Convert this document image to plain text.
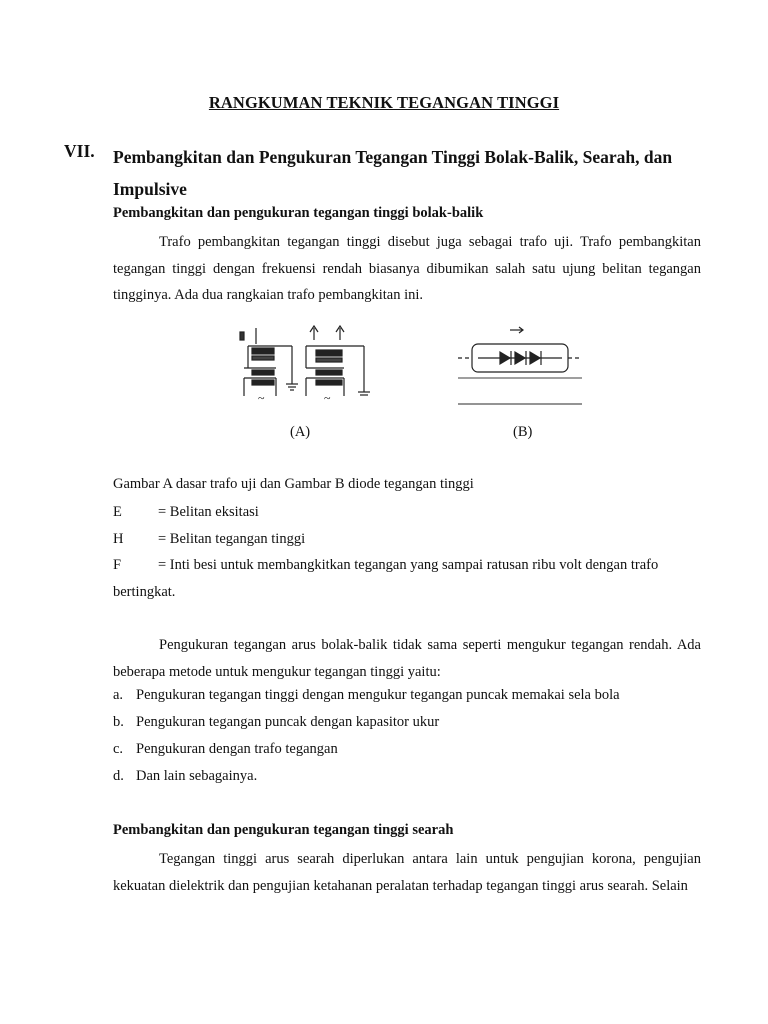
RANGKUMAN TEKNIK TEGANGAN TINGGI
VII. Pembangkitan dan Pengukuran Tegangan Tinggi Bolak-Balik, Searah, dan Impulsive
Pembangkitan dan pengukuran tegangan tinggi bolak-balik
Trafo pembangkitan tegangan tinggi disebut juga sebagai trafo uji. Trafo pembangkitan tegangan tinggi dengan frekuensi rendah biasanya dibumikan salah satu ujung belitan tegangan tingginya. Ada dua rangkaian trafo pembangkitan ini.
~	~
(A)	(B)
Gambar A dasar trafo uji dan Gambar B diode tegangan tinggi
E = Belitan eksitasi
H = Belitan tegangan tinggi
F	= Inti besi untuk membangkitkan tegangan yang sampai ratusan ribu volt dengan trafo bertingkat.
Pengukuran tegangan arus bolak-balik tidak sama seperti mengukur tegangan rendah. Ada beberapa metode untuk mengukur tegangan tinggi yaitu:
a. Pengukuran tegangan tinggi dengan mengukur tegangan puncak memakai sela bola
b. Pengukuran tegangan puncak dengan kapasitor ukur
c. Pengukuran dengan trafo tegangan
d. Dan lain sebagainya.
Pembangkitan dan pengukuran tegangan tinggi searah
Tegangan tinggi arus searah diperlukan antara lain untuk pengujian korona, pengujian kekuatan dielektrik dan pengujian ketahanan peralatan terhadap tegangan tinggi arus searah. Selain
